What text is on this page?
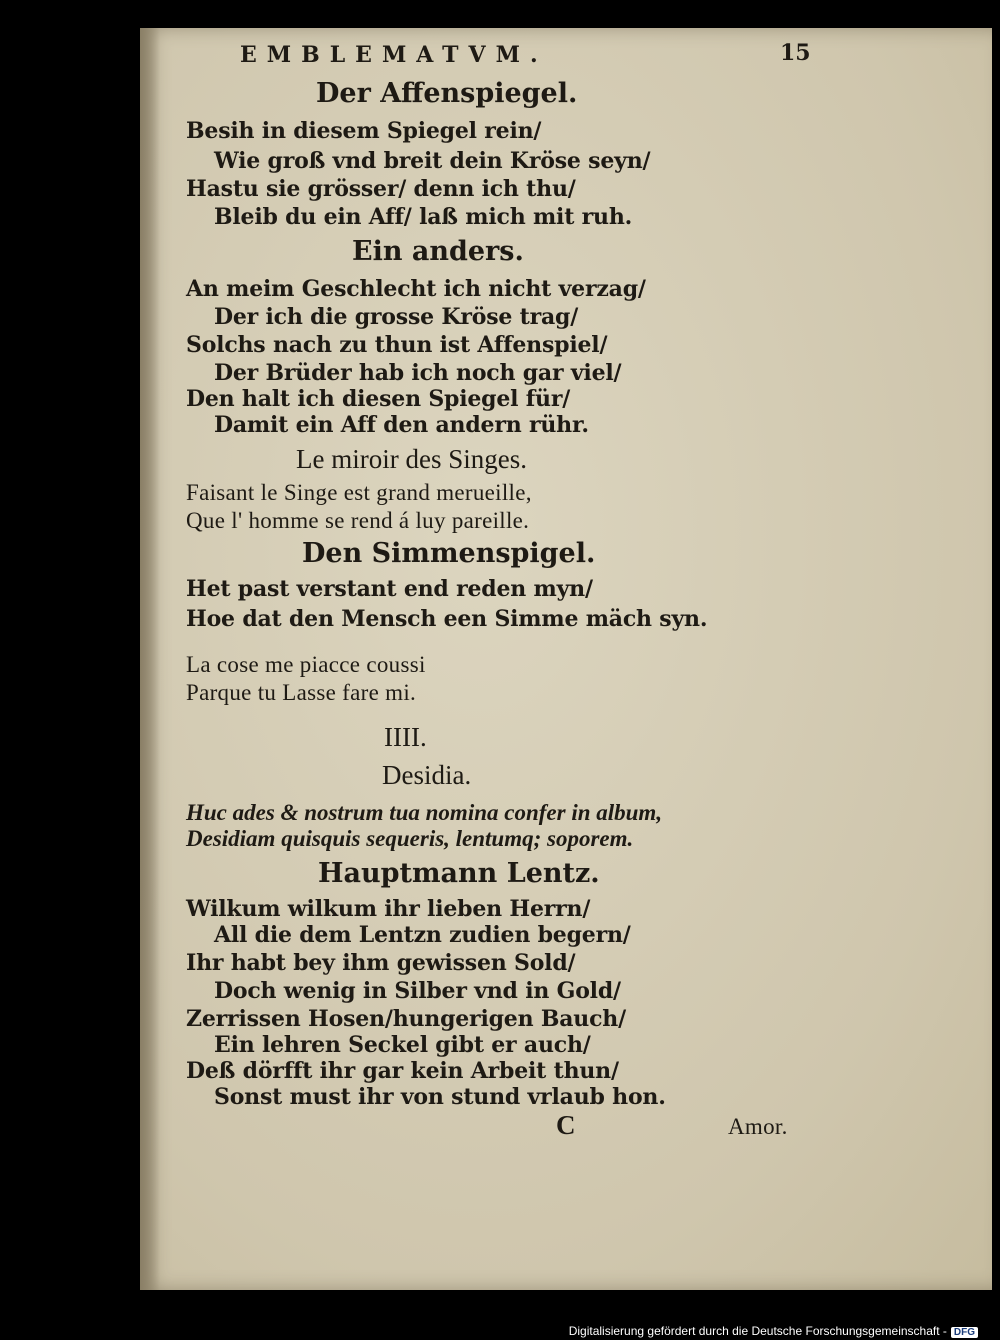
EMBLEMATVM.	15
Der Affenspiegel.
Besih in diesem Spiegel rein/
Wie groß vnd breit dein Kröse seyn/
Hastu sie grösser/ denn ich thu/
Bleib du ein Aff/ laß mich mit ruh.
Ein anders.
An meim Geschlecht ich nicht verzag/
Der ich die grosse Kröse trag/
Solchs nach zu thun ist Affenspiel/
Der Brüder hab ich noch gar viel/
Den halt ich diesen Spiegel für/
Damit ein Aff den andern rühr.
Le miroir des Singes.
Faisant le Singe est grand merueille,
Que l' homme se rend á luy pareille.
Den Simmenspigel.
Het past verstant end reden myn/
Hoe dat den Mensch een Simme mäch syn.
La cose me piacce coussi
Parque tu Lasse fare mi.
IIII.
Desidia.
Huc ades & nostrum tua nomina confer in album,
Desidiam quisquis sequeris, lentumq; soporem.
Hauptmann Lentz.
Wilkum wilkum ihr lieben Herrn/
All die dem Lentzn zudien begern/
Ihr habt bey ihm gewissen Sold/
Doch wenig in Silber vnd in Gold/
Zerrissen Hosen/hungerigen Bauch/
Ein lehren Seckel gibt er auch/
Deß dörfft ihr gar kein Arbeit thun/
Sonst must ihr von stund vrlaub hon.
C	Amor.
Digitalisierung gefördert durch die Deutsche Forschungsgemeinschaft - DFG
